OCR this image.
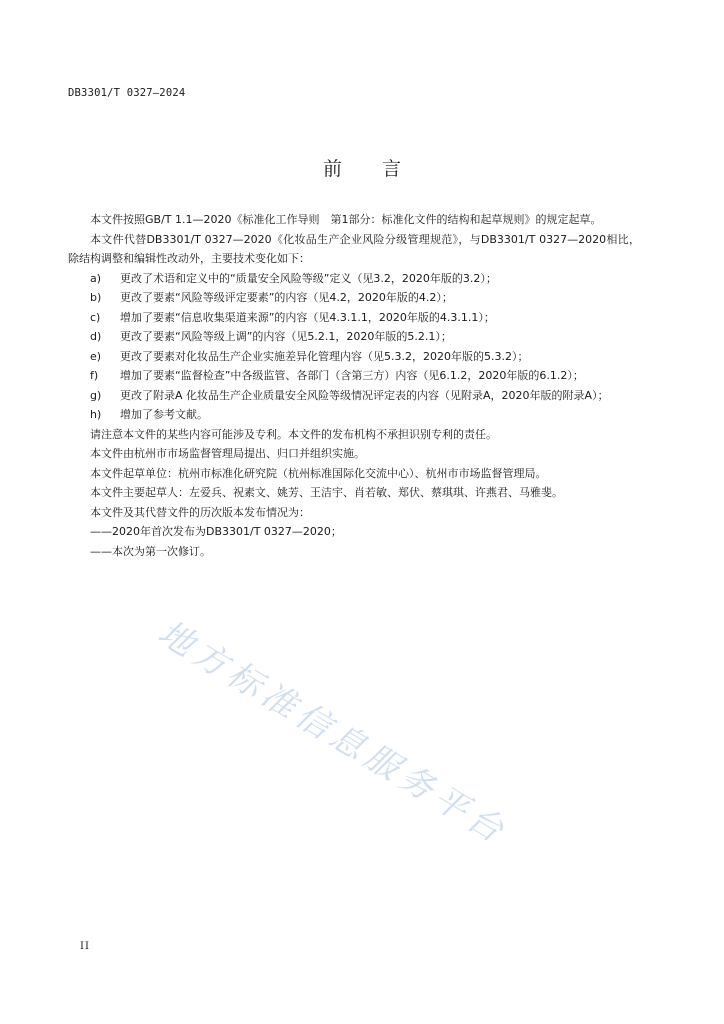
DB3301/T 0327—2024
前言

本文件按照GB/T 1.1—2020《标准化工作导则　第1部分：标准化文件的结构和起草规则》的规定起草。

本文件代替DB3301/T 0327—2020《化妆品生产企业风险分级管理规范》，与DB3301/T 0327—2020相比，除结构调整和编辑性改动外，主要技术变化如下：

a)	更改了术语和定义中的“质量安全风险等级”定义（见3.2，2020年版的3.2）；
b)	更改了要素“风险等级评定要素”的内容（见4.2，2020年版的4.2）；
c)	增加了要素“信息收集渠道来源”的内容（见4.3.1.1，2020年版的4.3.1.1）；
d)	更改了要素“风险等级上调”的内容（见5.2.1，2020年版的5.2.1）；
e)	更改了要素对化妆品生产企业实施差异化管理内容（见5.3.2，2020年版的5.3.2）；
f)	增加了要素“监督检查”中各级监管、各部门（含第三方）内容（见6.1.2，2020年版的6.1.2）；
g)	更改了附录A 化妆品生产企业质量安全风险等级情况评定表的内容（见附录A，2020年版的附录A）；
h)	增加了参考文献。

请注意本文件的某些内容可能涉及专利。本文件的发布机构不承担识别专利的责任。

本文件由杭州市市场监督管理局提出、归口并组织实施。

本文件起草单位：杭州市标准化研究院（杭州标准国际化交流中心）、杭州市市场监督管理局。

本文件主要起草人：左爱兵、祝素文、姚芳、王洁宇、肖若敏、郑伏、蔡琪琪、许燕君、马雅斐。

本文件及其代替文件的历次版本发布情况为：

——2020年首次发布为DB3301/T 0327—2020；

——本次为第一次修订。

地方标准信息服务平台
II
